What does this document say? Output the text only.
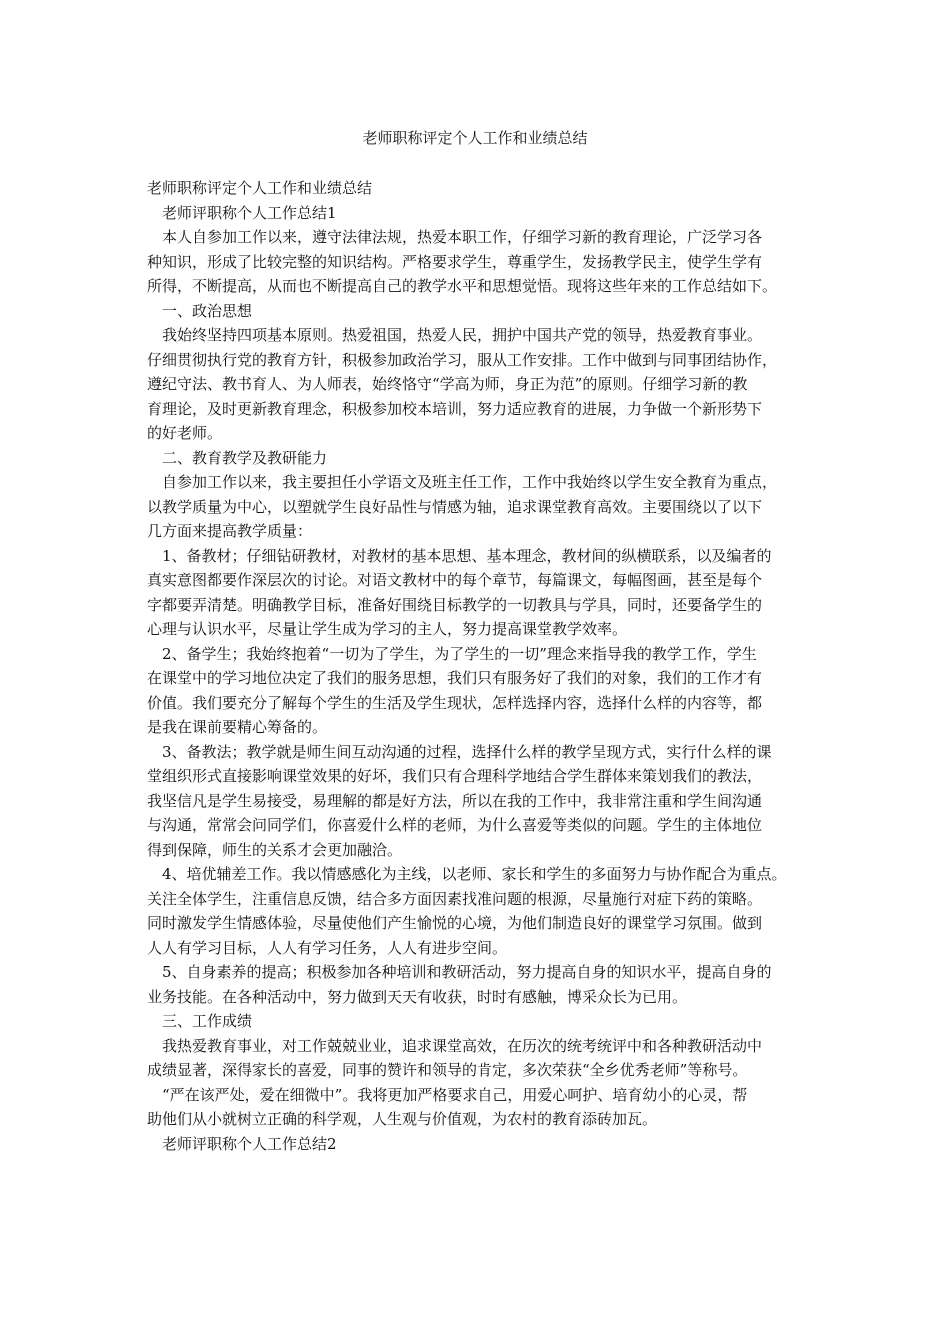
老师职称评定个人工作和业绩总结
老师职称评定个人工作和业绩总结
　老师评职称个人工作总结1
　本人自参加工作以来，遵守法律法规，热爱本职工作，仔细学习新的教育理论，广泛学习各
种知识，形成了比较完整的知识结构。严格要求学生，尊重学生，发扬教学民主，使学生学有
所得，不断提高，从而也不断提高自己的教学水平和思想觉悟。现将这些年来的工作总结如下。
　一、政治思想
　我始终坚持四项基本原则。热爱祖国，热爱人民，拥护中国共产党的领导，热爱教育事业。
仔细贯彻执行党的教育方针，积极参加政治学习，服从工作安排。工作中做到与同事团结协作，
遵纪守法、教书育人、为人师表，始终恪守“学高为师，身正为范”的原则。仔细学习新的教
育理论，及时更新教育理念，积极参加校本培训，努力适应教育的进展，力争做一个新形势下
的好老师。
　二、教育教学及教研能力
　自参加工作以来，我主要担任小学语文及班主任工作，工作中我始终以学生安全教育为重点，
以教学质量为中心，以塑就学生良好品性与情感为轴，追求课堂教育高效。主要围绕以了以下
几方面来提高教学质量：
　1、备教材；仔细钻研教材，对教材的基本思想、基本理念，教材间的纵横联系，以及编者的
真实意图都要作深层次的讨论。对语文教材中的每个章节，每篇课文，每幅图画，甚至是每个
字都要弄清楚。明确教学目标，准备好围绕目标教学的一切教具与学具，同时，还要备学生的
心理与认识水平，尽量让学生成为学习的主人，努力提高课堂教学效率。
　2、备学生；我始终抱着“一切为了学生，为了学生的一切”理念来指导我的教学工作，学生
在课堂中的学习地位决定了我们的服务思想，我们只有服务好了我们的对象，我们的工作才有
价值。我们要充分了解每个学生的生活及学生现状，怎样选择内容，选择什么样的内容等，都
是我在课前要精心筹备的。
　3、备教法；教学就是师生间互动沟通的过程，选择什么样的教学呈现方式，实行什么样的课
堂组织形式直接影响课堂效果的好坏，我们只有合理科学地结合学生群体来策划我们的教法，
我坚信凡是学生易接受，易理解的都是好方法，所以在我的工作中，我非常注重和学生间沟通
与沟通，常常会问同学们，你喜爱什么样的老师，为什么喜爱等类似的问题。学生的主体地位
得到保障，师生的关系才会更加融洽。
　4、培优辅差工作。我以情感感化为主线，以老师、家长和学生的多面努力与协作配合为重点。
关注全体学生，注重信息反馈，结合多方面因素找准问题的根源，尽量施行对症下药的策略。
同时激发学生情感体验，尽量使他们产生愉悦的心境，为他们制造良好的课堂学习氛围。做到
人人有学习目标，人人有学习任务，人人有进步空间。
　5、自身素养的提高；积极参加各种培训和教研活动，努力提高自身的知识水平，提高自身的
业务技能。在各种活动中，努力做到天天有收获，时时有感触，博采众长为已用。
　三、工作成绩
　我热爱教育事业，对工作兢兢业业，追求课堂高效，在历次的统考统评中和各种教研活动中
成绩显著，深得家长的喜爱，同事的赞许和领导的肯定，多次荣获“全乡优秀老师”等称号。
　“严在该严处，爱在细微中”。我将更加严格要求自己，用爱心呵护、培育幼小的心灵，帮
助他们从小就树立正确的科学观，人生观与价值观，为农村的教育添砖加瓦。
　老师评职称个人工作总结2
